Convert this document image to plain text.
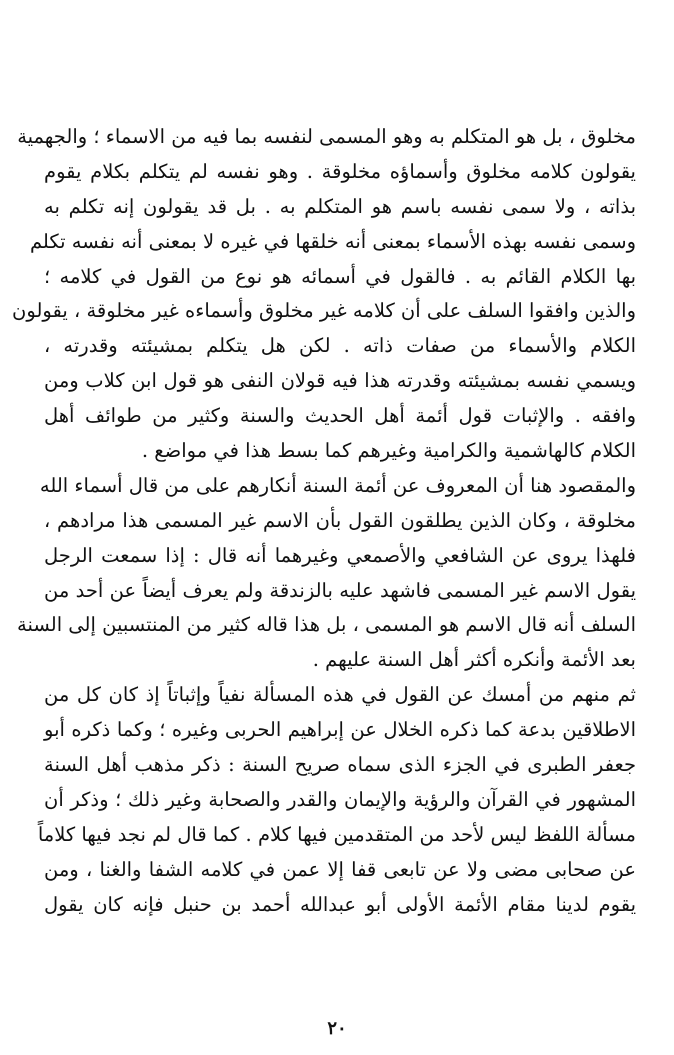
مخلوق ، بل هو المتكلم به وهو المسمى لنفسه بما فيه من الاسماء ؛ والجهمية
يقولون كلامه مخلوق وأسماؤه مخلوقة . وهو نفسه لم يتكلم بكلام يقوم
بذاته ، ولا سمى نفسه باسم هو المتكلم به . بل قد يقولون إنه تكلم به
وسمى نفسه بهذه الأسماء بمعنى أنه خلقها في غيره لا بمعنى أنه نفسه تكلم
بها الكلام القائم به . فالقول في أسمائه هو نوع من القول في كلامه ؛
والذين وافقوا السلف على أن كلامه غير مخلوق وأسماءه غير مخلوقة ، يقولون
الكلام والأسماء من صفات ذاته . لكن هل يتكلم بمشيئته وقدرته ،
ويسمي نفسه بمشيئته وقدرته هذا فيه قولان النفى هو قول ابن كلاب ومن
وافقه . والإثبات قول أئمة أهل الحديث والسنة وكثير من طوائف أهل
الكلام كالهاشمية والكرامية وغيرهم كما بسط هذا في مواضع .
والمقصود هنا أن المعروف عن أئمة السنة أنكارهم على من قال أسماء الله
مخلوقة ، وكان الذين يطلقون القول بأن الاسم غير المسمى هذا مرادهم ،
فلهذا يروى عن الشافعي والأصمعي وغيرهما أنه قال : إذا سمعت الرجل
يقول الاسم غير المسمى فاشهد عليه بالزندقة ولم يعرف أيضاً عن أحد من
السلف أنه قال الاسم هو المسمى ، بل هذا قاله كثير من المنتسبين إلى السنة
بعد الأئمة وأنكره أكثر أهل السنة عليهم .
ثم منهم من أمسك عن القول في هذه المسألة نفياً وإثباتاً إذ كان كل من
الاطلاقين بدعة كما ذكره الخلال عن إبراهيم الحربى وغيره ؛ وكما ذكره أبو
جعفر الطبرى في الجزء الذى سماه صريح السنة : ذكر مذهب أهل السنة
المشهور في القرآن والرؤية والإيمان والقدر والصحابة وغير ذلك ؛ وذكر أن
مسألة اللفظ ليس لأحد من المتقدمين فيها كلام . كما قال لم نجد فيها كلاماً
عن صحابى مضى ولا عن تابعى قفا إلا عمن في كلامه الشفا والغنا ، ومن
يقوم لدينا مقام الأئمة الأولى أبو عبدالله أحمد بن حنبل فإنه كان يقول
٢٠
